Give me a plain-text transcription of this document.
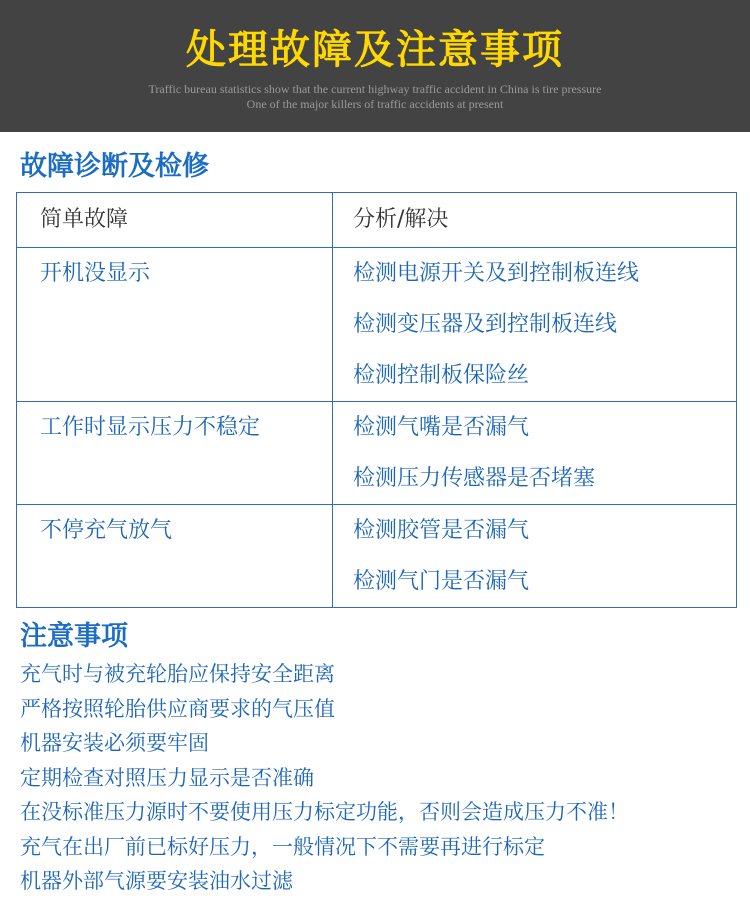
处理故障及注意事项
Traffic bureau statistics show that the current highway traffic accident in China is tire pressure
One of the major killers of traffic accidents at present
故障诊断及检修
简单故障	分析/解决

开机没显示	检测电源开关及到控制板连线
检测变压器及到控制板连线
检测控制板保险丝

工作时显示压力不稳定	检测气嘴是否漏气
检测压力传感器是否堵塞

不停充气放气	检测胶管是否漏气
检测气门是否漏气
注意事项
充气时与被充轮胎应保持安全距离
严格按照轮胎供应商要求的气压值
机器安装必须要牢固
定期检查对照压力显示是否准确
在没标准压力源时不要使用压力标定功能，否则会造成压力不准！
充气在出厂前已标好压力，一般情况下不需要再进行标定
机器外部气源要安装油水过滤
